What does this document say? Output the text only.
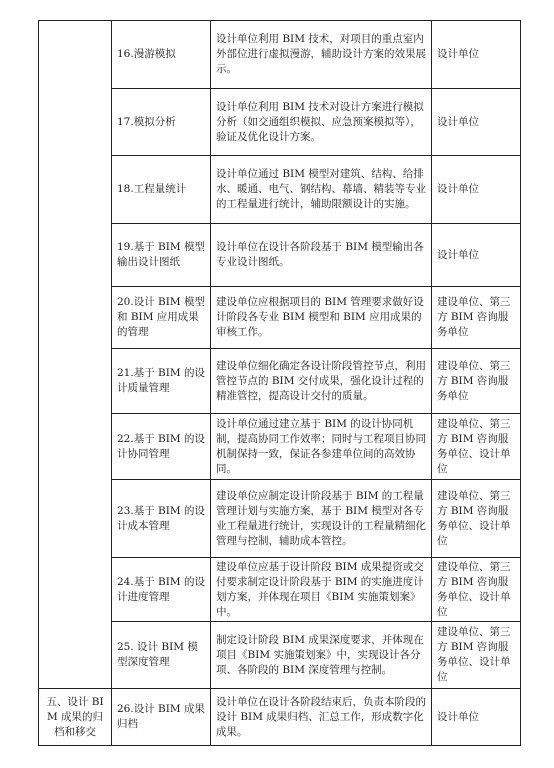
	16.漫游模拟	设计单位利用 BIM 技术，对项目的重点室内外部位进行虚拟漫游，辅助设计方案的效果展示。	设计单位
	17.模拟分析	设计单位利用 BIM 技术对设计方案进行模拟分析（如交通组织模拟、应急预案模拟等），验证及优化设计方案。	设计单位
	18.工程量统计	设计单位通过 BIM 模型对建筑、结构、给排水、暖通、电气、钢结构、幕墙、精装等专业的工程量进行统计，辅助限额设计的实施。	设计单位
	19.基于 BIM 模型输出设计图纸	设计单位在设计各阶段基于 BIM 模型输出各专业设计图纸。	设计单位
	20.设计 BIM 模型和 BIM 应用成果的管理	建设单位应根据项目的 BIM 管理要求做好设计阶段各专业 BIM 模型和 BIM 应用成果的审核工作。	建设单位、第三方 BIM 咨询服务单位
	21.基于 BIM 的设计质量管理	建设单位细化确定各设计阶段管控节点，利用管控节点的 BIM 交付成果，强化设计过程的精准管控，提高设计交付的质量。	建设单位、第三方 BIM 咨询服务单位
	22.基于 BIM 的设计协同管理	设计单位通过建立基于 BIM 的设计协同机制，提高协同工作效率；同时与工程项目协同机制保持一致，保证各参建单位间的高效协同。	建设单位、第三方 BIM 咨询服务单位、设计单位
	23.基于 BIM 的设计成本管理	建设单位应制定设计阶段基于 BIM 的工程量管理计划与实施方案，基于 BIM 模型对各专业工程量进行统计，实现设计的工程量精细化管理与控制，辅助成本管控。	建设单位、第三方 BIM 咨询服务单位、设计单位
	24.基于 BIM 的设计进度管理	建设单位应基于设计阶段 BIM 成果提资或交付要求制定设计阶段基于 BIM 的实施进度计划方案，并体现在项目《BIM 实施策划案》中。	建设单位、第三方 BIM 咨询服务单位、设计单位
	25. 设计 BIM 模型深度管理	制定设计阶段 BIM 成果深度要求，并体现在项目《BIM 实施策划案》中，实现设计各分项、各阶段的 BIM 深度管理与控制。	建设单位、第三方 BIM 咨询服务单位、设计单位
五、设计 BIM 成果的归档和移交	26.设计 BIM 成果归档	设计单位在设计各阶段结束后，负责本阶段的设计 BIM 成果归档、汇总工作，形成数字化成果。	设计单位
